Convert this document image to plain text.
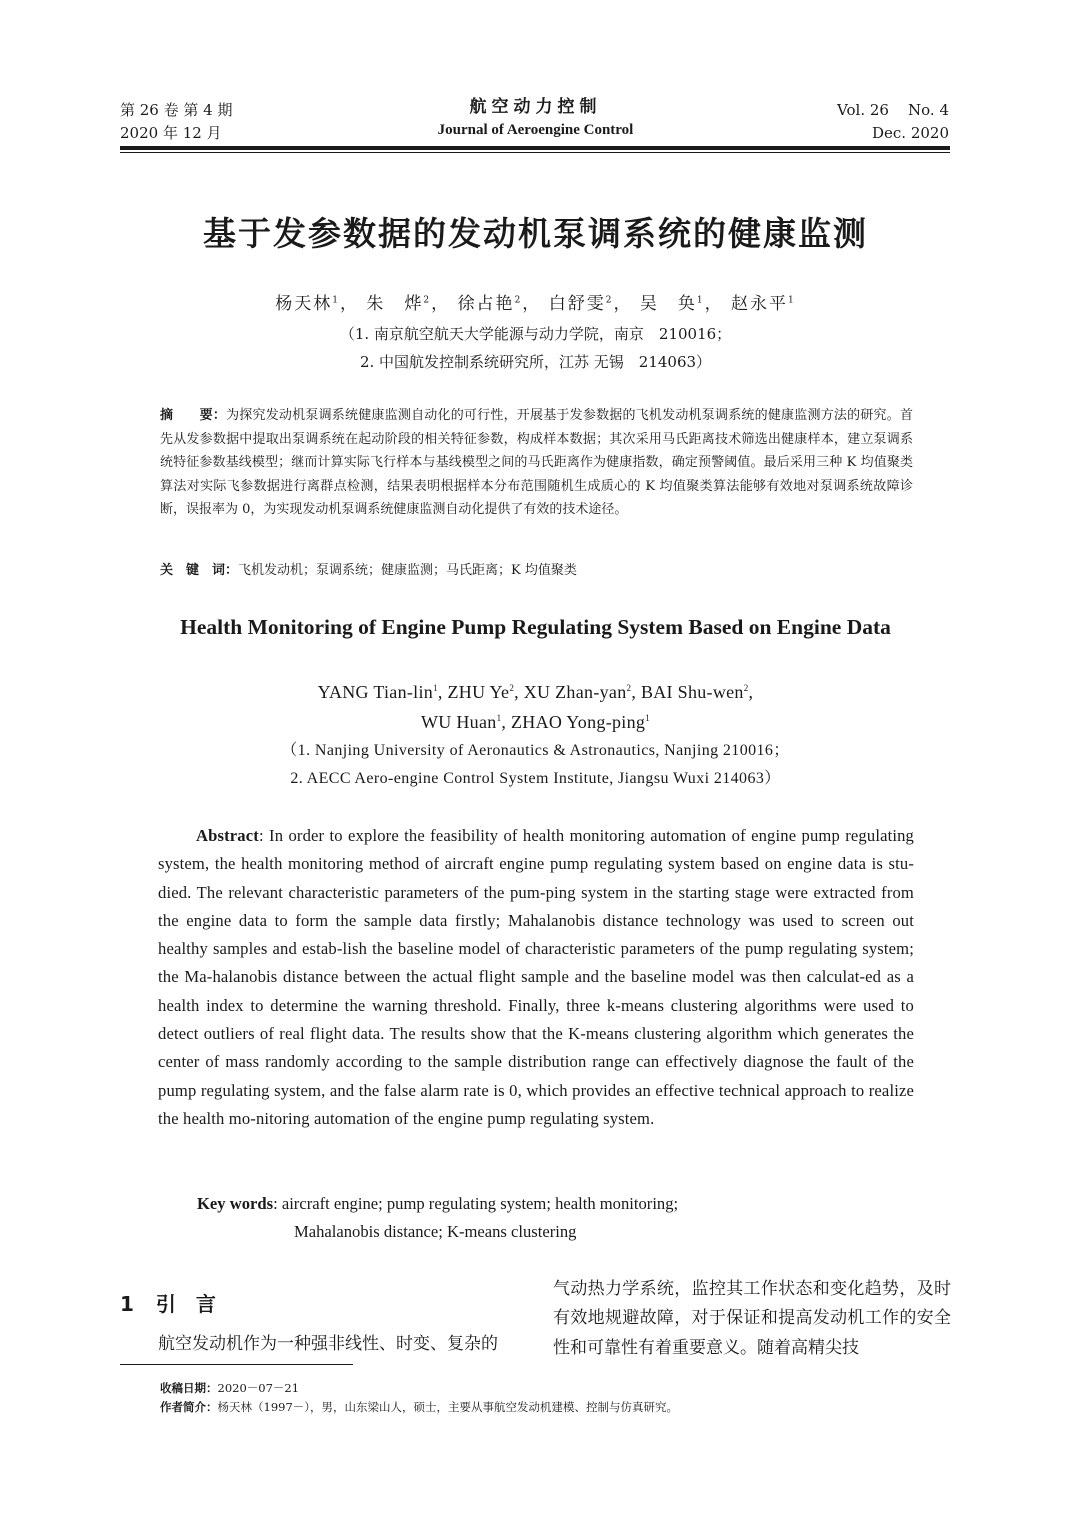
第 26 卷 第 4 期
2020 年 12 月
航空动力控制
Journal of Aeroengine Control
Vol. 26    No. 4
Dec. 2020
基于发参数据的发动机泵调系统的健康监测
杨天林$^1$， 朱　烨$^2$， 徐占艳$^2$， 白舒雯$^2$， 吴　奂$^1$， 赵永平$^1$
（1. 南京航空航天大学能源与动力学院，南京　210016；
2. 中国航发控制系统研究所，江苏 无锡　214063）
摘　　要：为探究发动机泵调系统健康监测自动化的可行性，开展基于发参数据的飞机发动机泵调系统的健康监测方法的研究。首先从发参数据中提取出泵调系统在起动阶段的相关特征参数，构成样本数据；其次采用马氏距离技术筛选出健康样本，建立泵调系统特征参数基线模型；继而计算实际飞行样本与基线模型之间的马氏距离作为健康指数，确定预警阈值。最后采用三种 K 均值聚类算法对实际飞参数据进行离群点检测，结果表明根据样本分布范围随机生成质心的 K 均值聚类算法能够有效地对泵调系统故障诊断，误报率为 0，为实现发动机泵调系统健康监测自动化提供了有效的技术途径。
关　键　词：飞机发动机；泵调系统；健康监测；马氏距离；K 均值聚类
Health Monitoring of Engine Pump Regulating System Based on Engine Data
YANG Tian-lin$^1$, ZHU Ye$^2$, XU Zhan-yan$^2$, BAI Shu-wen$^2$,
WU Huan$^1$, ZHAO Yong-ping$^1$
（1. Nanjing University of Aeronautics & Astronautics, Nanjing 210016；
2. AECC Aero-engine Control System Institute, Jiangsu Wuxi 214063）
Abstract: In order to explore the feasibility of health monitoring automation of engine pump regulating system, the health monitoring method of aircraft engine pump regulating system based on engine data is stu-died. The relevant characteristic parameters of the pum-ping system in the starting stage were extracted from the engine data to form the sample data firstly; Mahalanobis distance technology was used to screen out healthy samples and estab-lish the baseline model of characteristic parameters of the pump regulating system; the Ma-halanobis distance between the actual flight sample and the baseline model was then calculat-ed as a health index to determine the warning threshold. Finally, three k-means clustering algorithms were used to detect outliers of real flight data. The results show that the K-means clustering algorithm which generates the center of mass randomly according to the sample distribution range can effectively diagnose the fault of the pump regulating system, and the false alarm rate is 0, which provides an effective technical approach to realize the health mo-nitoring automation of the engine pump regulating system.
Key words: aircraft engine; pump regulating system; health monitoring;
Mahalanobis distance; K-means clustering
1 引言
航空发动机作为一种强非线性、时变、复杂的
气动热力学系统，监控其工作状态和变化趋势，及时有效地规避故障，对于保证和提高发动机工作的安全性和可靠性有着重要意义。随着高精尖技
收稿日期：2020－07－21
作者简介：杨天林（1997－），男，山东梁山人，硕士，主要从事航空发动机建模、控制与仿真研究。
